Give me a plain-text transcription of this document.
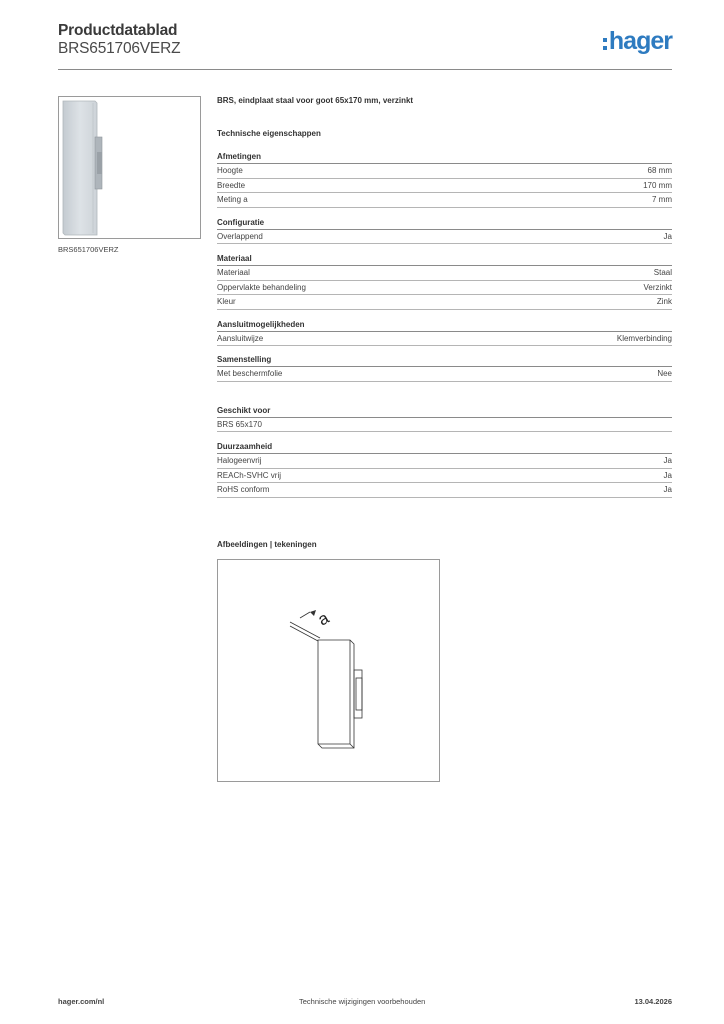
Productdatablad
BRS651706VERZ	hager
BRS651706VERZ
BRS, eindplaat staal voor goot 65x170 mm, verzinkt
Technische eigenschappen
Afmetingen
Hoogte	68 mm
Breedte	170 mm
Meting a	7 mm
Configuratie
Overlappend	Ja
Materiaal
Materiaal	Staal
Oppervlakte behandeling	Verzinkt
Kleur	Zink
Aansluitmogelijkheden
Aansluitwijze	Klemverbinding
Samenstelling
Met beschermfolie	Nee
Geschikt voor
BRS 65x170
Duurzaamheid
Halogeenvrij	Ja
REACh-SVHC vrij	Ja
RoHS conform	Ja
Afbeeldingen | tekeningen
a
hager.com/nl	Technische wijzigingen voorbehouden	13.04.2026
